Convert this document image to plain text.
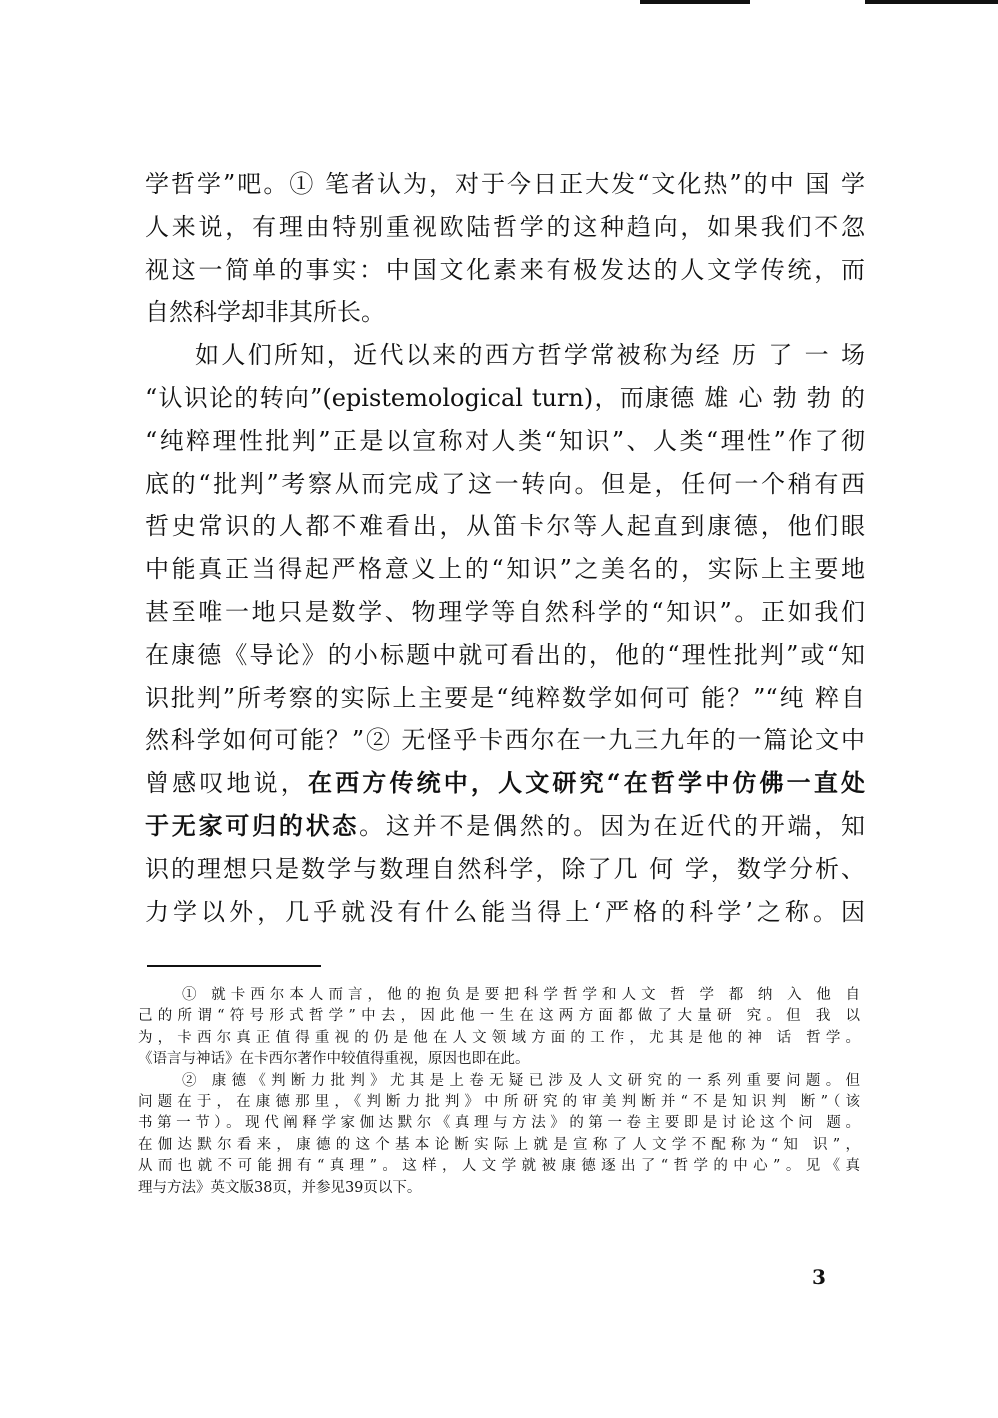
学哲学”吧。① 笔者认为，对于今日正大发“文化热”的中 国 学
人来说，有理由特别重视欧陆哲学的这种趋向，如果我们不忽
视这一简单的事实：中国文化素来有极发达的人文学传统，而
自然科学却非其所长。
如人们所知，近代以来的西方哲学常被称为经 历 了 一 场
“认识论的转向”(epistemological turn)，而康德 雄 心 勃 勃 的
“纯粹理性批判”正是以宣称对人类“知识”、人类“理性”作了彻
底的“批判”考察从而完成了这一转向。但是，任何一个稍有西
哲史常识的人都不难看出，从笛卡尔等人起直到康德，他们眼
中能真正当得起严格意义上的“知识”之美名的，实际上主要地
甚至唯一地只是数学、物理学等自然科学的“知识”。正如我们
在康德《导论》的小标题中就可看出的，他的“理性批判”或“知
识批判”所考察的实际上主要是“纯粹数学如何可 能？”“纯 粹自
然科学如何可能？”② 无怪乎卡西尔在一九三九年的一篇论文中
曾感叹地说，在西方传统中，人文研究“在哲学中仿佛一直处
于无家可归的状态。这并不是偶然的。因为在近代的开端，知
识的理想只是数学与数理自然科学，除了几 何 学，数学分析、
力学以外，几乎就没有什么能当得上‘严格的科学’之称。因
① 就卡西尔本人而言，他的抱负是要把科学哲学和人文 哲 学 都 纳 入 他 自
己的所谓“符号形式哲学”中去，因此他一生在这两方面都做了大量研 究。但 我 以
为，卡西尔真正值得重视的仍是他在人文领域方面的工作，尤其是他的神 话 哲学。
《语言与神话》在卡西尔著作中较值得重视，原因也即在此。
② 康德《判断力批判》尤其是上卷无疑已涉及人文研究的一系列重要问题。但
问题在于，在康德那里，《判断力批判》中所研究的审美判断并“不是知识判 断”（该
书第一节）。现代阐释学家伽达默尔《真理与方法》的第一卷主要即是讨论这个问 题。
在伽达默尔看来，康德的这个基本论断实际上就是宣称了人文学不配称为“知 识”，
从而也就不可能拥有“真理”。这样，人文学就被康德逐出了“哲学的中心”。见《真
理与方法》英文版38页，并参见39页以下。
3
